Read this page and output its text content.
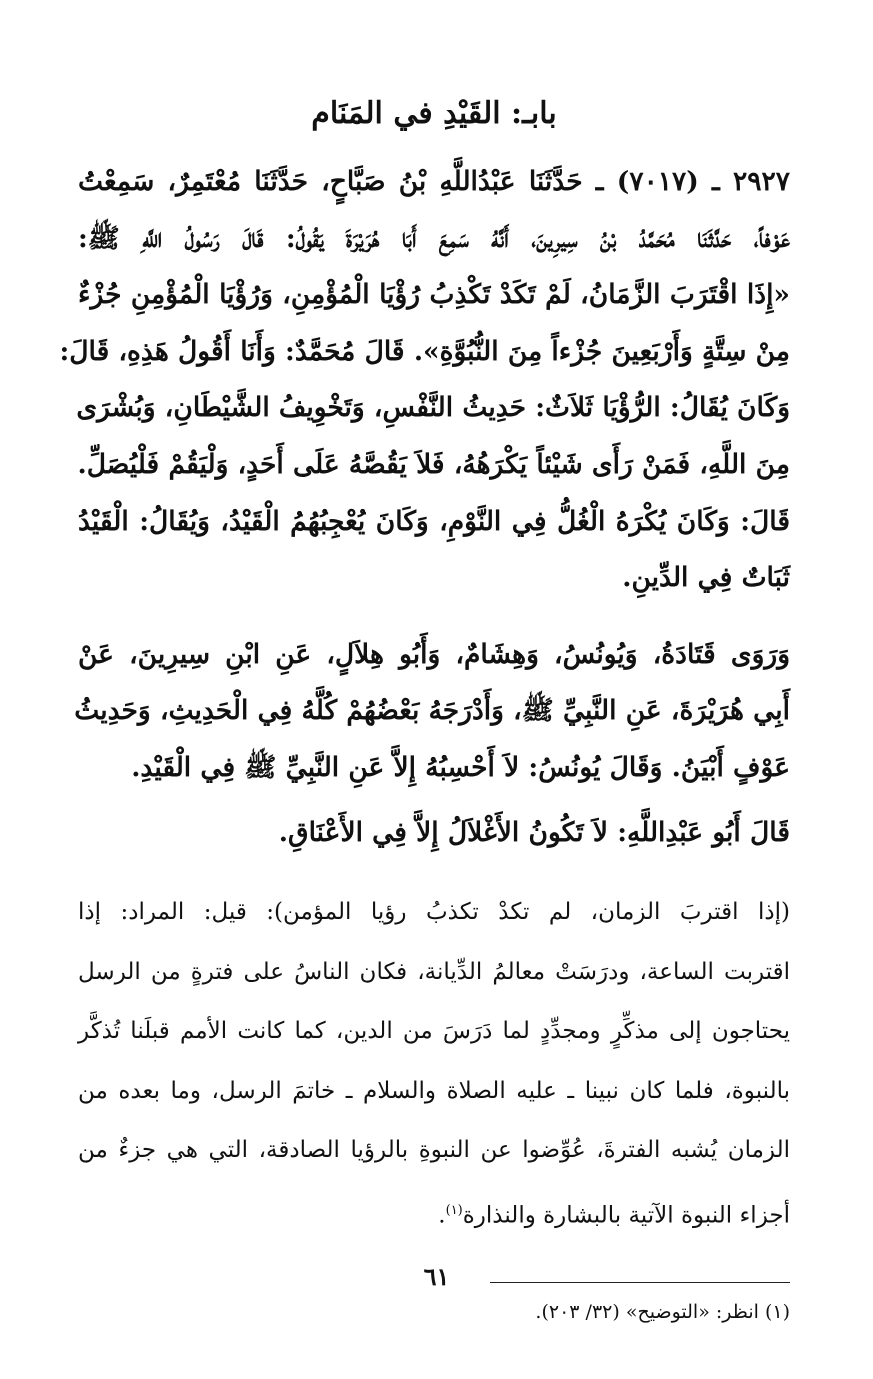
بابـ: القَيْدِ في المَنَام
٢٩٢٧ ـ (٧٠١٧) ـ حَدَّثَنَا عَبْدُاللَّهِ بْنُ صَبَّاحٍ، حَدَّثَنَا مُعْتَمِرٌ، سَمِعْتُ
عَوْفاً، حَدَّثَنَا مُحَمَّدُ بْنُ سِيرِينَ، أَنَّهُ سَمِعَ أَبَا هُرَيْرَةَ يَقُولُ: قَالَ رَسُولُ اللَّهِ ﷺ:
«إِذَا اقْتَرَبَ الزَّمَانُ، لَمْ تَكَدْ تَكْذِبُ رُؤْيَا الْمُؤْمِنِ، وَرُؤْيَا الْمُؤْمِنِ جُزْءٌ
مِنْ سِتَّةٍ وَأَرْبَعِينَ جُزْءاً مِنَ النُّبُوَّةِ». قَالَ مُحَمَّدٌ: وَأَنَا أَقُولُ هَذِهِ، قَالَ:
وَكَانَ يُقَالُ: الرُّؤْيَا ثَلاَثٌ: حَدِيثُ النَّفْسِ، وَتَخْوِيفُ الشَّيْطَانِ، وَبُشْرَى
مِنَ اللَّهِ، فَمَنْ رَأَى شَيْئاً يَكْرَهُهُ، فَلاَ يَقُصَّهُ عَلَى أَحَدٍ، وَلْيَقُمْ فَلْيُصَلِّ.
قَالَ: وَكَانَ يُكْرَهُ الْغُلُّ فِي النَّوْمِ، وَكَانَ يُعْجِبُهُمُ الْقَيْدُ، وَيُقَالُ: الْقَيْدُ
ثَبَاتٌ فِي الدِّينِ.
وَرَوَى قَتَادَةُ، وَيُونُسُ، وَهِشَامٌ، وَأَبُو هِلاَلٍ، عَنِ ابْنِ سِيرِينَ، عَنْ
أَبِي هُرَيْرَةَ، عَنِ النَّبِيِّ ﷺ، وَأَدْرَجَهُ بَعْضُهُمْ كُلَّهُ فِي الْحَدِيثِ، وَحَدِيثُ
عَوْفٍ أَبْيَنُ. وَقَالَ يُونُسُ: لاَ أَحْسِبُهُ إِلاَّ عَنِ النَّبِيِّ ﷺ فِي الْقَيْدِ.
قَالَ أَبُو عَبْدِاللَّهِ: لاَ تَكُونُ الأَغْلاَلُ إِلاَّ فِي الأَعْنَاقِ.
(إذا اقتربَ الزمان، لم تكدْ تكذبُ رؤيا المؤمن): قيل: المراد: إذا
اقتربت الساعة، ودرَسَتْ معالمُ الدِّيانة، فكان الناسُ على فترةٍ من الرسل
يحتاجون إلى مذكِّرٍ ومجدِّدٍ لما دَرَسَ من الدين، كما كانت الأمم قبلَنا تُذكَّر
بالنبوة، فلما كان نبينا ـ عليه الصلاة والسلام ـ خاتمَ الرسل، وما بعده من
الزمان يُشبه الفترةَ، عُوِّضوا عن النبوةِ بالرؤيا الصادقة، التي هي جزءٌ من
أجزاء النبوة الآتية بالبشارة والنذارة$^{(١)}$.
(١) انظر: «التوضيح» (٣٢/ ٢٠٣).
٦١
